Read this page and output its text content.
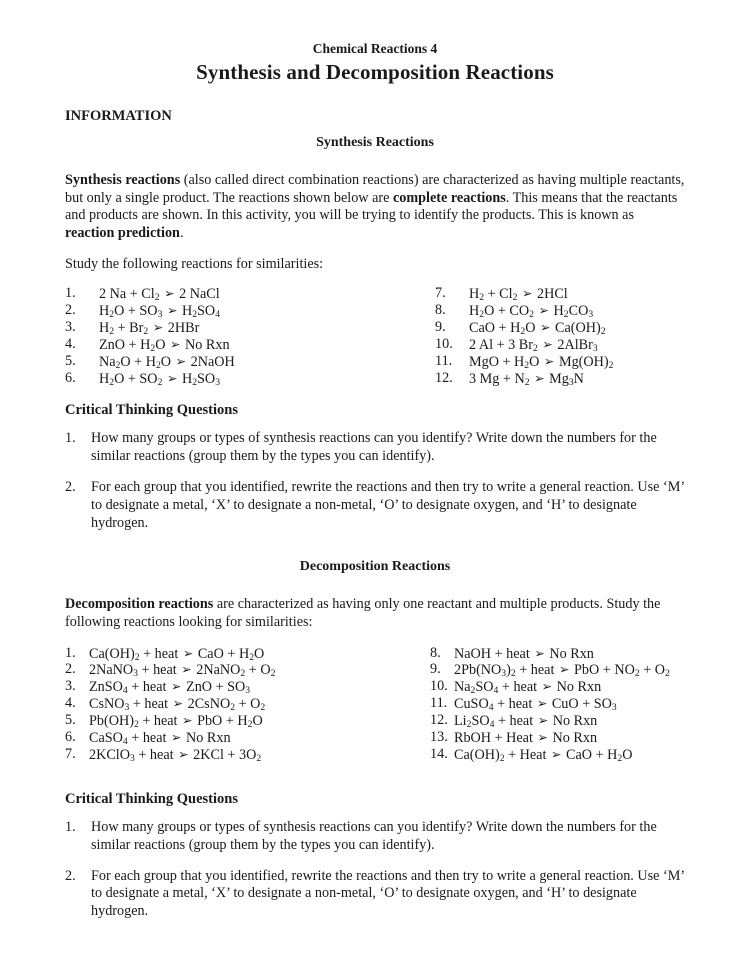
Chemical Reactions 4
Synthesis and Decomposition Reactions
INFORMATION
Synthesis Reactions

Synthesis reactions (also called direct combination reactions) are characterized as having multiple reactants, but only a single product. The reactions shown below are complete reactions. This means that the reactants and products are shown. In this activity, you will be trying to identify the products. This is known as reaction prediction.

Study the following reactions for similarities:
1.	2 $Na + Cl_2$ ➢ 2 NaCl
2.	$H_2O + SO_3$ ➢ $H_2SO_4$
3.	$H_2 + Br_2$ ➢ 2HBr
4.	ZnO + $H_2O$ ➢ No Rxn
5.	$Na_2O + H_2O$ ➢ 2NaOH
6.	$H_2O + SO_2$ ➢ $H_2SO_3$
7.	$H_2 + Cl_2$ ➢ 2HCl
8.	$H_2O + CO_2$ ➢ $H_2CO_3$
9.	CaO + $H_2O$ ➢ $Ca(OH)_2$
10.	2 Al + 3 $Br_2$ ➢ 2AlBr$_3$
11.	MgO + $H_2O$ ➢ $Mg(OH)_2$
12.	3 $Mg + N_2$ ➢ $Mg_3N$
Critical Thinking Questions
1.	How many groups or types of synthesis reactions can you identify? Write down the numbers for the similar reactions (group them by the types you can identify).
2.	For each group that you identified, rewrite the reactions and then try to write a general reaction. Use ‘M’ to designate a metal, ‘X’ to designate a non-metal, ‘O’ to designate oxygen, and ‘H’ to designate hydrogen.
Decomposition Reactions

Decomposition reactions are characterized as having only one reactant and multiple products. Study the following reactions looking for similarities:

1. $Ca(OH)_2$ + heat ➢ CaO + $H_2O$
2. 2NaNO$_3$ + heat ➢ 2NaNO$_2$ + $O_2$
3. ZnSO$_4$ + heat ➢ ZnO + $SO_3$
4. CsNO$_3$ + heat ➢ 2CsNO$_2$ + $O_2$
5. $Pb(OH)_2$ + heat ➢ PbO + $H_2O$
6. CaSO$_4$ + heat ➢ No Rxn
7. 2KClO$_3$ + heat ➢ $2KCl + 3O_2$
8. NaOH + heat ➢ No Rxn
9. $2Pb(NO_3)_2$ + heat ➢ PbO + $NO_2 + O_2$
10. $Na_2SO_4$ + heat ➢ No Rxn
11. CuSO$_4$ + heat ➢ CuO + $SO_3$
12. $Li_2SO_4$ + heat ➢ No Rxn
13. RbOH + Heat ➢ No Rxn
14. $Ca(OH)_2$ + Heat ➢ CaO + $H_2O$
Critical Thinking Questions
1.	How many groups or types of synthesis reactions can you identify? Write down the numbers for the similar reactions (group them by the types you can identify).
2.	For each group that you identified, rewrite the reactions and then try to write a general reaction. Use ‘M’ to designate a metal, ‘X’ to designate a non-metal, ‘O’ to designate oxygen, and ‘H’ to designate hydrogen.
